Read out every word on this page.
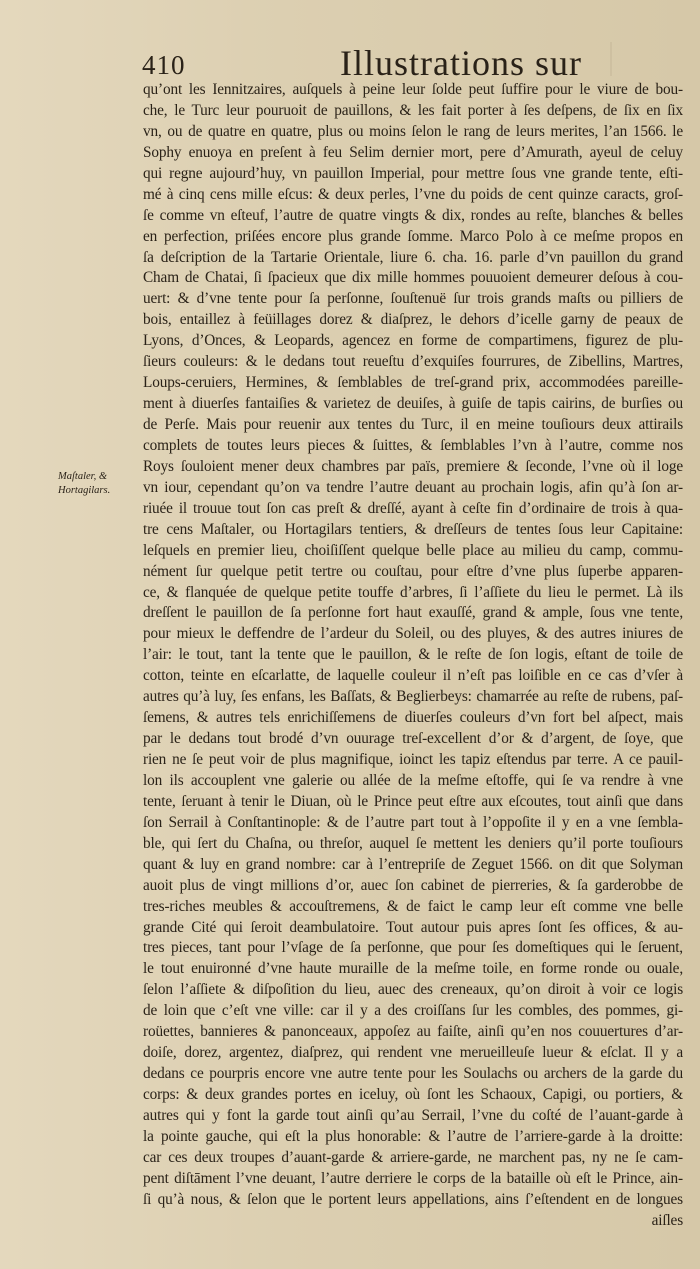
410	Illustrations sur
Maſtaler, &
Hortagilars.
qu’ont les Iennitzaires, auſquels à peine leur ſolde peut ſuffire pour le viure de bou-
che, le Turc leur pouruoit de pauillons, & les fait porter à ſes deſpens, de ſix en ſix
vn, ou de quatre en quatre, plus ou moins ſelon le rang de leurs merites, l’an 1566. le
Sophy enuoya en preſent à feu Selim dernier mort, pere d’Amurath, ayeul de celuy
qui regne aujourd’huy, vn pauillon Imperial, pour mettre ſous vne grande tente, eſti-
mé à cinq cens mille eſcus: & deux perles, l’vne du poids de cent quinze caracts, groſ-
ſe comme vn eſteuf, l’autre de quatre vingts & dix, rondes au reſte, blanches & belles
en perfection, priſées encore plus grande ſomme. Marco Polo à ce meſme propos en
ſa deſcription de la Tartarie Orientale, liure 6. cha. 16. parle d’vn pauillon du grand
Cham de Chatai, ſi ſpacieux que dix mille hommes pouuoient demeurer deſous à cou-
uert: & d’vne tente pour ſa perſonne, ſouſtenuë ſur trois grands maſts ou pilliers de
bois, entaillez à feüillages dorez & diaſprez, le dehors d’icelle garny de peaux de
Lyons, d’Onces, & Leopards, agencez en forme de compartimens, figurez de plu-
ſieurs couleurs: & le dedans tout reueſtu d’exquiſes fourrures, de Zibellins, Martres,
Loups-ceruiers, Hermines, & ſemblables de treſ-grand prix, accommodées pareille-
ment à diuerſes fantaiſies & varietez de deuiſes, à guiſe de tapis cairins, de burſies ou
de Perſe. Mais pour reuenir aux tentes du Turc, il en meine touſiours deux attirails
complets de toutes leurs pieces & ſuittes, & ſemblables l’vn à l’autre, comme nos
Roys ſouloient mener deux chambres par païs, premiere & ſeconde, l’vne où il loge
vn iour, cependant qu’on va tendre l’autre deuant au prochain logis, afin qu’à ſon ar-
riuée il trouue tout ſon cas preſt & dreſſé, ayant à ceſte fin d’ordinaire de trois à qua-
tre cens Maſtaler, ou Hortagilars tentiers, & dreſſeurs de tentes ſous leur Capitaine:
leſquels en premier lieu, choiſiſſent quelque belle place au milieu du camp, commu-
nément ſur quelque petit tertre ou couſtau, pour eſtre d’vne plus ſuperbe apparen-
ce, & flanquée de quelque petite touffe d’arbres, ſi l’aſſiete du lieu le permet. Là ils
dreſſent le pauillon de ſa perſonne fort haut exauſſé, grand & ample, ſous vne tente,
pour mieux le deffendre de l’ardeur du Soleil, ou des pluyes, & des autres iniures de
l’air: le tout, tant la tente que le pauillon, & le reſte de ſon logis, eſtant de toile de
cotton, teinte en eſcarlatte, de laquelle couleur il n’eſt pas loiſible en ce cas d’vſer à
autres qu’à luy, ſes enfans, les Baſſats, & Beglierbeys: chamarrée au reſte de rubens, paſ-
ſemens, & autres tels enrichiſſemens de diuerſes couleurs d’vn fort bel aſpect, mais
par le dedans tout brodé d’vn ouurage treſ-excellent d’or & d’argent, de ſoye, que
rien ne ſe peut voir de plus magnifique, ioinct les tapiz eſtendus par terre. A ce pauil-
lon ils accouplent vne galerie ou allée de la meſme eſtoffe, qui ſe va rendre à vne
tente, ſeruant à tenir le Diuan, où le Prince peut eſtre aux eſcoutes, tout ainſi que dans
ſon Serrail à Conſtantinople: & de l’autre part tout à l’oppoſite il y en a vne ſembla-
ble, qui ſert du Chaſna, ou threſor, auquel ſe mettent les deniers qu’il porte touſiours
quant & luy en grand nombre: car à l’entrepriſe de Zeguet 1566. on dit que Solyman
auoit plus de vingt millions d’or, auec ſon cabinet de pierreries, & ſa garderobbe de
tres-riches meubles & accouſtremens, & de faict le camp leur eſt comme vne belle
grande Cité qui ſeroit deambulatoire. Tout autour puis apres ſont ſes offices, & au-
tres pieces, tant pour l’vſage de ſa perſonne, que pour ſes domeſtiques qui le ſeruent,
le tout enuironné d’vne haute muraille de la meſme toile, en forme ronde ou ouale,
ſelon l’aſſiete & diſpoſition du lieu, auec des creneaux, qu’on diroit à voir ce logis
de loin que c’eſt vne ville: car il y a des croiſſans ſur les combles, des pommes, gi-
roüettes, bannieres & panonceaux, appoſez au faiſte, ainſi qu’en nos couuertures d’ar-
doiſe, dorez, argentez, diaſprez, qui rendent vne merueilleuſe lueur & eſclat. Il y a
dedans ce pourpris encore vne autre tente pour les Soulachs ou archers de la garde du
corps: & deux grandes portes en iceluy, où ſont les Schaoux, Capigi, ou portiers, &
autres qui y font la garde tout ainſi qu’au Serrail, l’vne du coſté de l’auant-garde à
la pointe gauche, qui eſt la plus honorable: & l’autre de l’arriere-garde à la droitte:
car ces deux troupes d’auant-garde & arriere-garde, ne marchent pas, ny ne ſe cam-
pent diſtāment l’vne deuant, l’autre derriere le corps de la bataille où eſt le Prince, ain-
ſi qu’à nous, & ſelon que le portent leurs appellations, ains ſ’eſtendent en de longues
aiſles
